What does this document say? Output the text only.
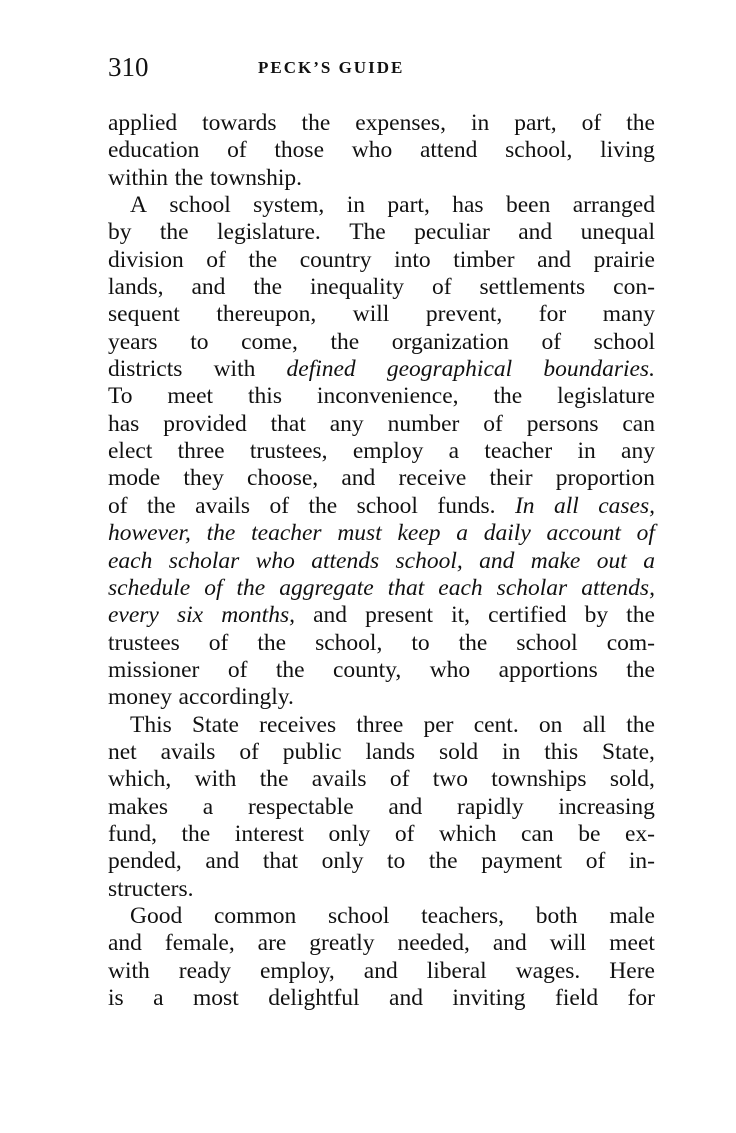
310	PECK’S GUIDE
applied towards the expenses, in part, of the
education of those who attend school, living
within the township.
A school system, in part, has been arranged
by the legislature. The peculiar and unequal
division of the country into timber and prairie
lands, and the inequality of settlements con-
sequent thereupon, will prevent, for many
years to come, the organization of school
districts with defined geographical boundaries.
To meet this inconvenience, the legislature
has provided that any number of persons can
elect three trustees, employ a teacher in any
mode they choose, and receive their proportion
of the avails of the school funds. In all cases,
however, the teacher must keep a daily account of
each scholar who attends school, and make out a
schedule of the aggregate that each scholar attends,
every six months, and present it, certified by the
trustees of the school, to the school com-
missioner of the county, who apportions the
money accordingly.
This State receives three per cent. on all the
net avails of public lands sold in this State,
which, with the avails of two townships sold,
makes a respectable and rapidly increasing
fund, the interest only of which can be ex-
pended, and that only to the payment of in-
structers.
Good common school teachers, both male
and female, are greatly needed, and will meet
with ready employ, and liberal wages. Here
is a most delightful and inviting field for
